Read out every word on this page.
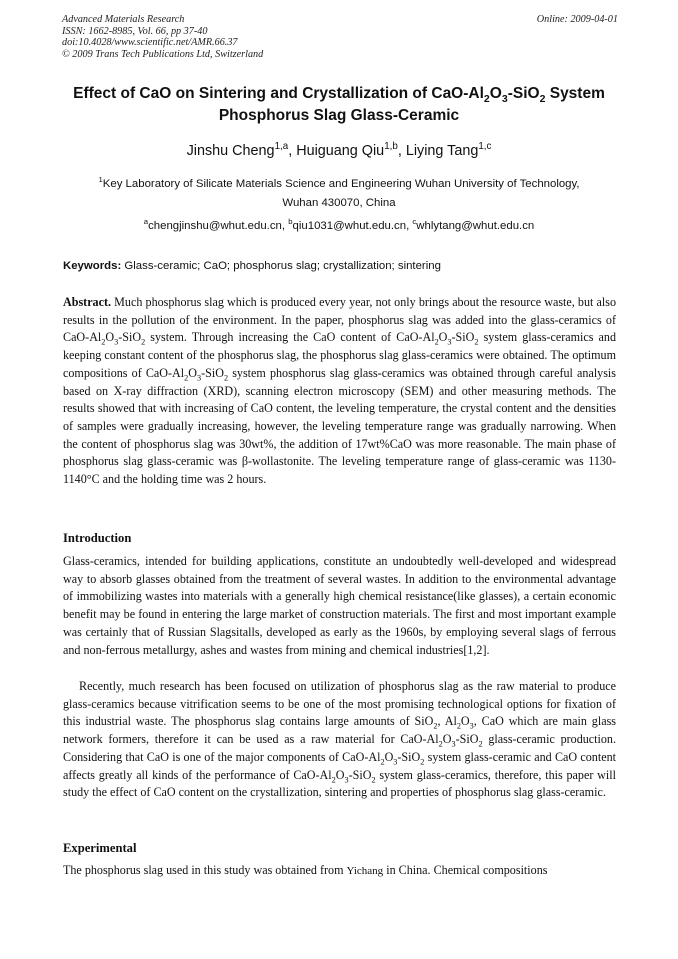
Advanced Materials Research
ISSN: 1662-8985, Vol. 66, pp 37-40
doi:10.4028/www.scientific.net/AMR.66.37
© 2009 Trans Tech Publications Ltd, Switzerland
Online: 2009-04-01
Effect of CaO on Sintering and Crystallization of CaO-$Al_2O_3-SiO_2$ System
Phosphorus Slag Glass-Ceramic
Jinshu Cheng$^{1,a}$, Huiguang Qiu$^{1,b}$, Liying Tang$^{1,c}$
$^1$Key Laboratory of Silicate Materials Science and Engineering Wuhan University of Technology,
Wuhan 430070, China
$^a$chengjinshu@whut.edu.cn, $^b$qiu1031@whut.edu.cn, $^c$whlytang@whut.edu.cn
Keywords: Glass-ceramic; CaO; phosphorus slag; crystallization; sintering
Abstract. Much phosphorus slag which is produced every year, not only brings about the resource waste, but also results in the pollution of the environment. In the paper, phosphorus slag was added into the glass-ceramics of CaO-$Al_2O_3-SiO_2$ system. Through increasing the CaO content of CaO-$Al_2O_3-SiO_2$ system glass-ceramics and keeping constant content of the phosphorus slag, the phosphorus slag glass-ceramics were obtained. The optimum compositions of CaO-$Al_2O_3-SiO_2$ system phosphorus slag glass-ceramics was obtained through careful analysis based on X-ray diffraction (XRD), scanning electron microscopy (SEM) and other measuring methods. The results showed that with increasing of CaO content, the leveling temperature, the crystal content and the densities of samples were gradually increasing, however, the leveling temperature range was gradually narrowing. When the content of phosphorus slag was 30wt%, the addition of 17wt%CaO was more reasonable. The main phase of phosphorus slag glass-ceramic was β-wollastonite. The leveling temperature range of glass-ceramic was 1130-1140°C and the holding time was 2 hours.
Introduction
Glass-ceramics, intended for building applications, constitute an undoubtedly well-developed and widespread way to absorb glasses obtained from the treatment of several wastes. In addition to the environmental advantage of immobilizing wastes into materials with a generally high chemical resistance(like glasses), a certain economic benefit may be found in entering the large market of construction materials. The first and most important example was certainly that of Russian Slagsitalls, developed as early as the 1960s, by employing several slags of ferrous and non-ferrous metallurgy, ashes and wastes from mining and chemical industries[1,2].
Recently, much research has been focused on utilization of phosphorus slag as the raw material to produce glass-ceramics because vitrification seems to be one of the most promising technological options for fixation of this industrial waste. The phosphorus slag contains large amounts of SiO$_2$, $Al_2O_3$, CaO which are main glass network formers, therefore it can be used as a raw material for CaO-$Al_2O_3-SiO_2$ glass-ceramic production. Considering that CaO is one of the major components of CaO-$Al_2O_3-SiO_2$ system glass-ceramic and CaO content affects greatly all kinds of the performance of CaO-$Al_2O_3-SiO_2$ system glass-ceramics, therefore, this paper will study the effect of CaO content on the crystallization, sintering and properties of phosphorus slag glass-ceramic.
Experimental
The phosphorus slag used in this study was obtained from Yichang in China. Chemical compositions
